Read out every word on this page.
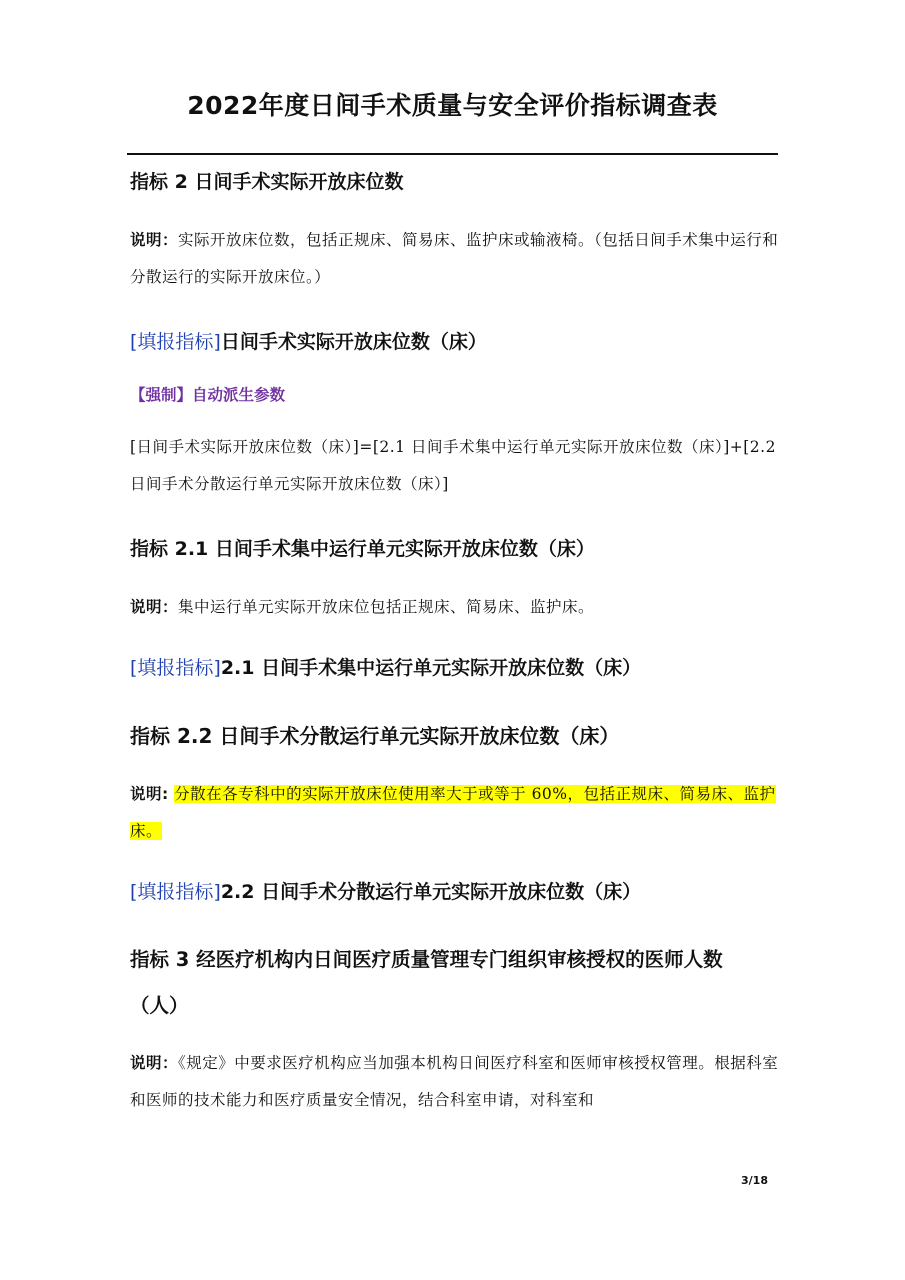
2022年度日间手术质量与安全评价指标调查表
指标 2 日间手术实际开放床位数
说明：实际开放床位数，包括正规床、简易床、监护床或输液椅。（包括日间手术集中运行和分散运行的实际开放床位。）
[填报指标]日间手术实际开放床位数（床）
【强制】自动派生参数
[日间手术实际开放床位数（床）]=[2.1 日间手术集中运行单元实际开放床位数（床）]+[2.2 日间手术分散运行单元实际开放床位数（床）]
指标 2.1 日间手术集中运行单元实际开放床位数（床）
说明：集中运行单元实际开放床位包括正规床、简易床、监护床。
[填报指标]2.1 日间手术集中运行单元实际开放床位数（床）
指标 2.2 日间手术分散运行单元实际开放床位数（床）
说明: 分散在各专科中的实际开放床位使用率大于或等于 60%，包括正规床、简易床、监护床。
[填报指标]2.2 日间手术分散运行单元实际开放床位数（床）
指标 3 经医疗机构内日间医疗质量管理专门组织审核授权的医师人数
（人）
说明：《规定》中要求医疗机构应当加强本机构日间医疗科室和医师审核授权管理。根据科室和医师的技术能力和医疗质量安全情况，结合科室申请，对科室和
3/18
